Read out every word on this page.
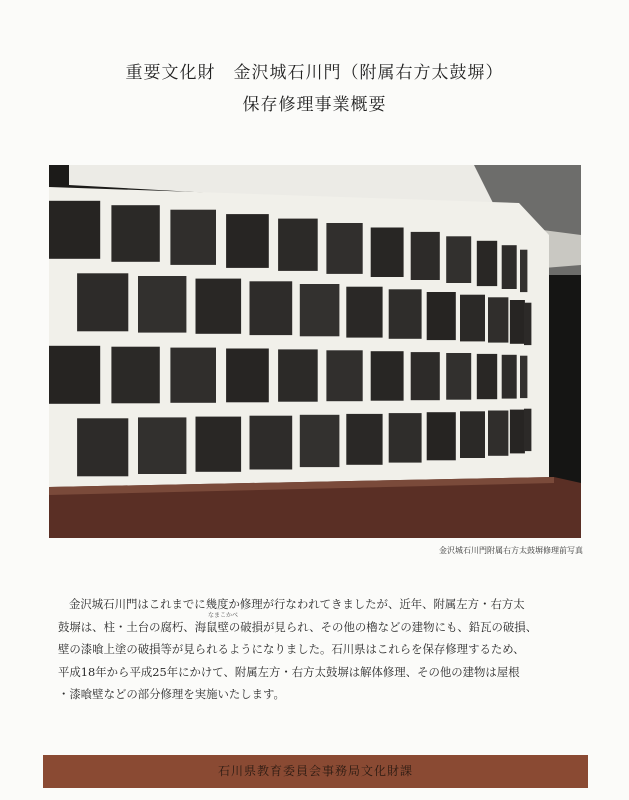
重要文化財　金沢城石川門（附属右方太鼓塀）
保存修理事業概要
金沢城石川門附属右方太鼓塀修理前写真
なまこかべ

金沢城石川門はこれまでに幾度か修理が行なわれてきましたが、近年、附属左方・右方太

鼓塀は、柱・土台の腐朽、海鼠壁の破損が見られ、その他の櫓などの建物にも、鉛瓦の破損、

壁の漆喰上塗の破損等が見られるようになりました。石川県はこれらを保存修理するため、

平成18年から平成25年にかけて、附属左方・右方太鼓塀は解体修理、その他の建物は屋根

・漆喰壁などの部分修理を実施いたします。

石川県教育委員会事務局文化財課
